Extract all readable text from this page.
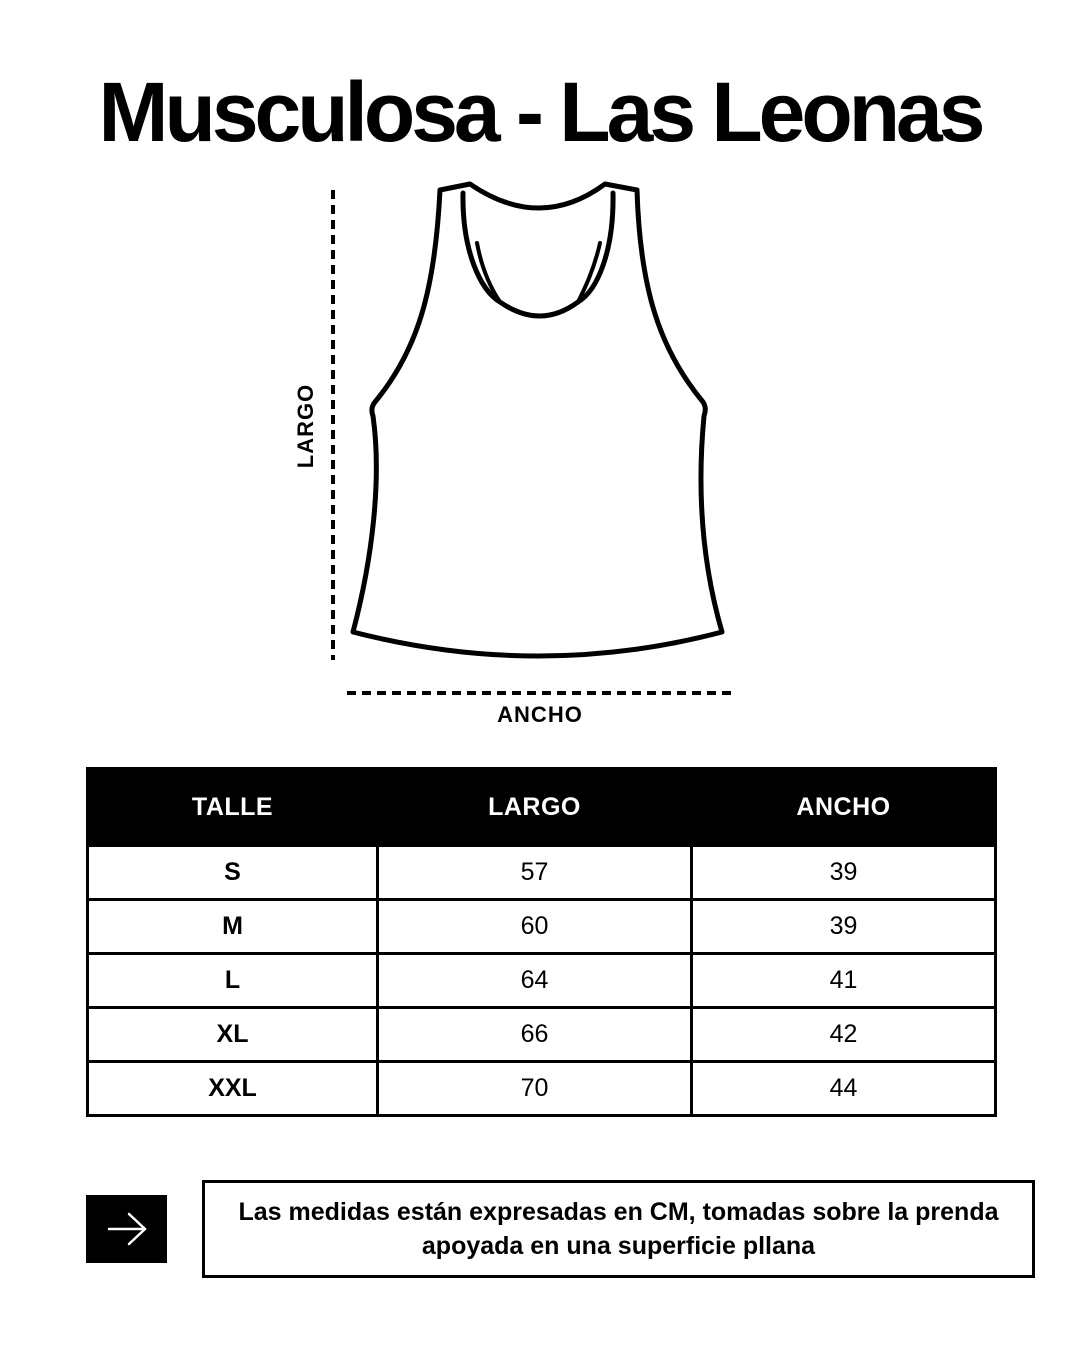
Musculosa - Las Leonas
LARGO
ANCHO
TALLE	LARGO	ANCHO
S	57	39
M	60	39
L	64	41
XL	66	42
XXL	70	44
Las medidas están expresadas en CM, tomadas sobre la prenda apoyada en una superficie pllana
